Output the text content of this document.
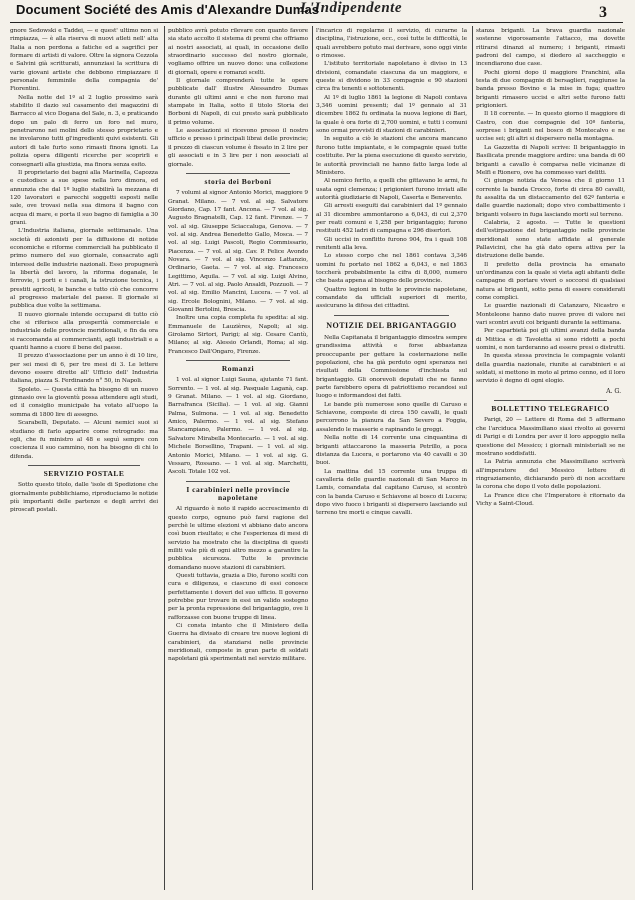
Document Société des Amis d'Alexandre Dumas
L'Indipendente	3

gnore Sedowski e Taddei, — e quest' ultimo non si rimpiazza, — è alla riserva di nuovi atleti nell' alta Italia a non perdona a fatiche ed a sagrifici per formare di artisti di valore. Oltre la signora Cezzola e Salvini già scritturati, annunziasi la scrittura di varie giovani artiste che debbono rimpiazzare il personale femminile della compagnia de' Fiorentini.

Nella notte del 1º al 2 luglio prossimo sarà stabilito il dazio sul casamento dei magazzini di Barracco al vico Dogana del Sale, n. 3, e praticando dopo un palo di ferro un foro nel muro, penetrarono nei molini dello stesso proprietario e ne involarono tutti gl'ingredienti quivi esistenti. Gli autori di tale furto sono rimasti finora ignoti. La polizia opera diligenti ricerche per scoprirli e consegnarli alla giustizia, ma finora senza esito.

Il proprietario dei bagni alla Marinella, Capozza e custodisce a sue spese nella loro dimora, ed annunzia che dal 1º luglio stabilirà la mezzana di 120 lavoratori e parecchi soggetti esposti nelle sale, ove trovasi nella sua dimora il bagno con acqua di mare, e porta il suo bagno di famiglia a 30 grani.

L'Industria italiana, giornale settimanale. Una società di azionisti per la diffusione di notizie economiche e riforme commerciali ha pubblicato il primo numero del suo giornale, consacrato agli interessi delle industrie nazionali. Esso propugnerà la libertà del lavoro, la riforma doganale, le ferrovie, i porti e i canali, la istruzione tecnica, i prestiti agricoli, le banche e tutto ciò che concorre al progresso materiale del paese. Il giornale si pubblica due volte la settimana.

Il nuovo giornale intende occuparsi di tutto ciò che si riferisce alla prosperità commerciale e industriale delle provincie meridionali, e fin da ora si raccomanda ai commercianti, agli industriali e a quanti hanno a cuore il bene del paese.

Il prezzo d'associazione per un anno è di 10 lire, per sei mesi di 6, per tre mesi di 3. Le lettere devono essere dirette all' Ufficio dell' Industria italiana, piazza S. Ferdinando n° 50, in Napoli.

Spoleto. — Questa città ha bisogno di un nuovo ginnasio ove la gioventù possa attendere agli studi, ed il consiglio municipale ha votato all'uopo la somma di 1800 lire di assegno.

Scarabelli, Deputato. — Alcuni nemici suoi si studiano di farlo apparire come retrogrado: ma egli, che fu ministro al 48 e seguì sempre con coscienza il suo cammino, non ha bisogno di chi lo difenda.

SERVIZIO POSTALE

Sotto questo titolo, dalle 'isole di Spedizione che giornalmente pubblichiamo, riproduciamo le notizie più importanti delle partenze e degli arrivi dei piroscafi postali.

pubblico avrà potuto rilevare con quanto favore sia stato accolto il sistema di premi che offriamo ai nostri associati, ai quali, in occasione dello straordinario successo del nostro giornale, vogliamo offrire un nuovo dono: una collezione di giornali, opere e romanzi scelti.

Il giornale comprenderà tutte le opere pubblicate dall' illustre Alessandro Dumas durante gli ultimi anni e che non furono mai stampate in Italia, sotto il titolo Storia dei Borboni di Napoli, di cui presto sarà pubblicato il primo volume.

Le associazioni si ricevono presso il nostro ufficio e presso i principali librai delle provincie; il prezzo di ciascun volume è fissato in 2 lire per gli associati e in 3 lire per i non associati al giornale.

storia dei Borboni

7 volumi al signor Antonio Morici, maggiore 9 Granat. Milano. — 7 vol. al sig. Salvatore Giordano, Cap. 17 fant. Ancona. — 7 vol. al sig. Augusto Bragnatelli, Cap. 12 fant. Firenze. — 7 vol. al sig. Giuseppe Sciaccaluga, Genova. — 7 vol. al sig. Andrea Benedetto Gallo, Mosca. — 7 vol. al sig. Luigi Pascoli, Regio Commissario, Piacenza. — 7 vol. al sig. Cav. P. Felice Avondo Novara. — 7 vol. al sig. Vincenzo Lattanzio, Ordinario, Gaeta. — 7 vol. al sig. Francesco Legittimo, Aquila. — 7 vol. al sig. Luigi Alvino, Atri. — 7 vol. al sig. Paolo Ansaldi, Pozzuoli. — 7 vol. al sig. Emilio Mancini, Lucera. — 7 vol. al sig. Ercole Bolognini, Milano. — 7 vol. al sig. Giovanni Bertolini, Brescia.

Inoltre una copia completa fu spedita: al sig. Emmanuele de Lauzières, Napoli; al sig. Girolamo Sirtori, Parigi; al sig. Cesare Cantù, Milano; al sig. Alessio Orlandi, Roma; al sig. Francesco Dall'Ongaro, Firenze.

Romanzi

1 vol. al signor Luigi Sauna, ajutante 71 fant. Sorrento. — 1 vol. al sig. Pasquale Laganà, cap. 9 Granat. Milano. — 1 vol. al sig. Giordano, Barrafranca (Sicilia). — 1 vol. al sig. Gianni Palma, Sulmona. — 1 vol. al sig. Benedetto Amico, Palermo. — 1 vol. al sig. Stefano Stancampiano, Palermo. — 1 vol. al sig. Salvatore Mirabella Montecarlo. — 1 vol. al sig. Michele Borsellino, Trapani. — 1 vol. al sig. Antonio Morici, Milano. — 1 vol. al sig. G. Vessaro, Rossano. — 1 vol. al sig. Marchetti, Ascoli. Totale 102 vol.

I carabinieri nelle provincie napoletane

Al riguardo è noto il rapido accrescimento di questo corpo, ognuno può farsi ragione del perchè le ultime elezioni vi abbiano dato ancora così buon risultato; e che l'esperienza di mesi di servizio ha mostrato che la disciplina di questi militi vale più di ogni altro mezzo a garantire la pubblica sicurezza. Tutte le provincie domandano nuove stazioni di carabinieri.

Questi tuttavia, grazia a Dio, furono scelti con cura e diligenza, e ciascuno di essi conosce perfettamente i doveri del suo ufficio. Il governo potrebbe pur trovare in essi un valido sostegno per la pronta repressione del brigantaggio, ove li rafforzasse con buone truppe di linea.

Ci consta intanto che il Ministero della Guerra ha divisato di creare tre nuove legioni di carabinieri, da stanziarsi nelle provincie meridionali, composte in gran parte di soldati napoletani già sperimentati nel servizio militare.

l'incarico di regolarne il servizio, di curarne la disciplina, l'istruzione, ecc., così tutte le difficoltà, le quali avrebbero potuto mai derivare, sono oggi vinte o rimosse.

L'istituto territoriale napoletano è diviso in 13 divisioni, comandate ciascuna da un maggiore, e queste si dividono in 33 compagnie e 90 stazioni circa fra tenenti e sottotenenti.

Al 1º di luglio 1861 la legione di Napoli contava 3,346 uomini presenti; dal 1º gennaio al 31 dicembre 1862 fu ordinata la nuova legione di Bari, la quale è ora forte di 2,700 uomini, e tutti i comuni sono ormai provvisti di stazioni di carabinieri.

In seguito a ciò le stazioni che ancora mancano furono tutte impiantate, e le compagnie quasi tutte costituite. Per la piena esecuzione di questo servizio, le autorità provinciali ne hanno fatto larga lode al Ministero.

Al nemico ferito, a quelli che gittavano le armi, fu usata ogni clemenza; i prigionieri furono inviati alle autorità giudiziarie di Napoli, Caserta e Benevento.

Gli arresti eseguiti dai carabinieri dal 1º gennaio al 31 dicembre ammontarono a 6,043, di cui 2,370 per reati comuni e 1,258 per brigantaggio; furono restituiti 452 ladri di campagna e 296 disertori.

Gli uccisi in conflitto furono 904, fra i quali 108 renitenti alla leva.

Lo stesso corpo che nel 1861 contava 3,346 uomini fu portato nel 1862 a 6,043, e nel 1863 toccherà probabilmente la cifra di 8,000, numero che basta appena al bisogno delle provincie.

Quattro legioni in tutte le provincie napoletane, comandate da ufficiali superiori di merito, assicurano la difesa dei cittadini.

NOTIZIE DEL BRIGANTAGGIO

Nella Capitanata il brigantaggio dimostra sempre grandissima attività e forse abbastanza preoccupante per gettare la costernazione nelle popolazioni, che ha già perduto ogni speranza nei risultati della Commissione d'inchiesta sul brigantaggio. Gli onorevoli deputati che ne fanno parte farebbero opera di patriottismo recandosi sul luogo e informandosi dei fatti.

Le bande più numerose sono quelle di Caruso e Schiavone, composte di circa 150 cavalli, le quali percorrono la pianura da San Severo a Foggia, assalendo le masserie e rapinando le greggi.

Nella notte di 14 corrente una cinquantina di briganti attaccarono la masseria Petrillo, a poca distanza da Lucera, e portarono via 40 cavalli e 30 buoi.

La mattina del 15 corrente una truppa di cavalleria delle guardie nazionali di San Marco in Lamis, comandata dal capitano Caruso, si scontrò con la banda Caruso e Schiavone al bosco di Lucera; dopo vivo fuoco i briganti si dispersero lasciando sul terreno tre morti e cinque cavalli.

stanza briganti. La brava guardia nazionale sostenne vigorosamente l'attacco, ma dovette ritirarsi dinanzi al numero; i briganti, rimasti padroni del campo, si diedero al saccheggio e incendiarono due case.

Pochi giorni dopo il maggiore Franchini, alla testa di due compagnie di bersaglieri, raggiunse la banda presso Bovino e la mise in fuga; quattro briganti rimasero uccisi e altri sette furono fatti prigionieri.

Il 18 corrente. — In questo giorno il maggiore di Castro, con due compagnie del 10º fanteria, sorprese i briganti nel bosco di Montecalvo e ne uccise sei; gli altri si dispersero nella montagna.

La Gazzetta di Napoli scrive: Il brigantaggio in Basilicata prende maggiore ardire: una banda di 60 briganti a cavallo è comparsa nelle vicinanze di Melfi e Rionero, ove ha commesso vari delitti.

Ci giunge notizia da Venosa che il giorno 11 corrente la banda Crocco, forte di circa 80 cavalli, fu assalita da un distaccamento del 62º fanteria e dalle guardie nazionali; dopo vivo combattimento i briganti volsero in fuga lasciando morti sul terreno.

Calabria, 2 agosto. — Tutte le questioni dell'estirpazione del brigantaggio nelle provincie meridionali sono state affidate al generale Pallavicini, che ha già dato opera attiva per la distruzione delle bande.

Il prefetto della provincia ha emanato un'ordinanza con la quale si vieta agli abitanti delle campagne di portare viveri o soccorsi di qualsiasi natura ai briganti, sotto pena di essere considerati come complici.

Le guardie nazionali di Catanzaro, Nicastro e Monteleone hanno dato nuove prove di valore nei vari scontri avuti coi briganti durante la settimana.

Per caparbietà poi gli ultimi avanzi della banda di Mittica e di Tavoletta si sono ridotti a pochi uomini, e non tarderanno ad essere presi o distrutti.

In questa stessa provincia le compagnie volanti della guardia nazionale, riunite ai carabinieri e ai soldati, si mettono in moto al primo cenno, ed il loro servizio è degno di ogni elogio.

A. G.
BOLLETTINO TELEGRAFICO

Parigi, 20 — Lettere di Roma del 5 affermano che l'arciduca Massimiliano siasi rivolto ai governi di Parigi e di Londra per aver il loro appoggio nella questione del Messico; i giornali ministeriali se ne mostrano soddisfatti.

La Patria annunzia che Massimiliano scriverà all'imperatore del Messico lettere di ringraziamento, dichiarando però di non accettare la corona che dopo il voto delle popolazioni.

La France dice che l'Imperatore è ritornato da Vichy a Saint-Cloud.
